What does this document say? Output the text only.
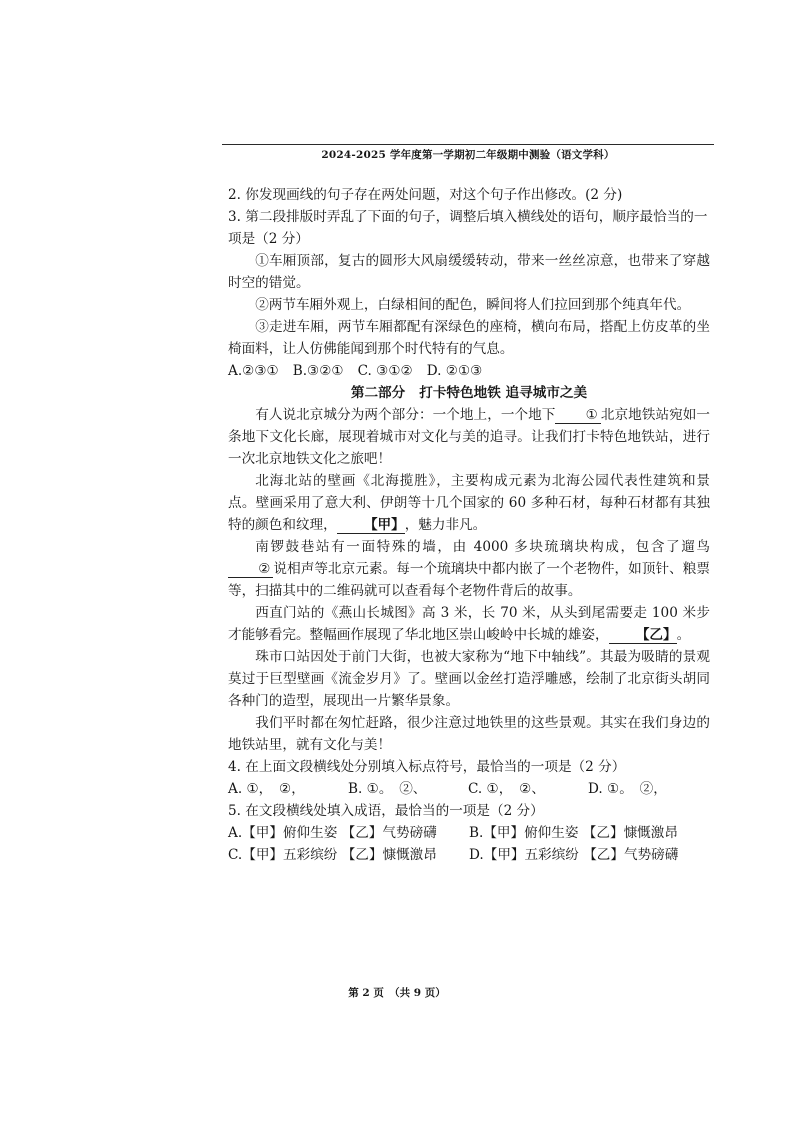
2024-2025 学年度第一学期初二年级期中测验（语文学科）

2. 你发现画线的句子存在两处问题，对这个句子作出修改。(2 分)

3. 第二段排版时弄乱了下面的句子，调整后填入横线处的语句，顺序最恰当的一项是（2 分）

①车厢顶部，复古的圆形大风扇缓缓转动，带来一丝丝凉意，也带来了穿越时空的错觉。

②两节车厢外观上，白绿相间的配色，瞬间将人们拉回到那个纯真年代。

③走进车厢，两节车厢都配有深绿色的座椅，横向布局，搭配上仿皮革的坐椅面料，让人仿佛能闻到那个时代特有的气息。

A.②③① B.③②① C. ③①② D. ②①③

第二部分 打卡特色地铁 追寻城市之美

有人说北京城分为两个部分：一个地上，一个地下 ① 北京地铁站宛如一条地下文化长廊，展现着城市对文化与美的追寻。让我们打卡特色地铁站，进行一次北京地铁文化之旅吧！

北海北站的壁画《北海揽胜》，主要构成元素为北海公园代表性建筑和景点。壁画采用了意大利、伊朗等十几个国家的 60 多种石材，每种石材都有其独特的颜色和纹理， 【甲】，魅力非凡。

南锣鼓巷站有一面特殊的墙，由 4000 多块琉璃块构成，包含了遛鸟② 说相声等北京元素。每一个琉璃块中都内嵌了一个老物件，如顶针、粮票等，扫描其中的二维码就可以查看每个老物件背后的故事。

西直门站的《燕山长城图》高 3 米，长 70 米，从头到尾需要走 100 米步才能够看完。整幅画作展现了华北地区崇山峻岭中长城的雄姿， 【乙】。

珠市口站因处于前门大街，也被大家称为“地下中轴线”。其最为吸睛的景观莫过于巨型壁画《流金岁月》了。壁画以金丝打造浮雕感，绘制了北京街头胡同各种门的造型，展现出一片繁华景象。

我们平时都在匆忙赶路，很少注意过地铁里的这些景观。其实在我们身边的地铁站里，就有文化与美！

4. 在上面文段横线处分别填入标点符号，最恰当的一项是（2 分）

A. ①，　②，	B. ①。　②、	C. ①，　②、	D. ①。　②，

5. 在文段横线处填入成语，最恰当的一项是（2 分）

A.【甲】俯仰生姿 【乙】气势磅礴	B.【甲】俯仰生姿 【乙】慷慨激昂
C.【甲】五彩缤纷 【乙】慷慨激昂	D.【甲】五彩缤纷 【乙】气势磅礴
第 2 页　（共 9 页）
